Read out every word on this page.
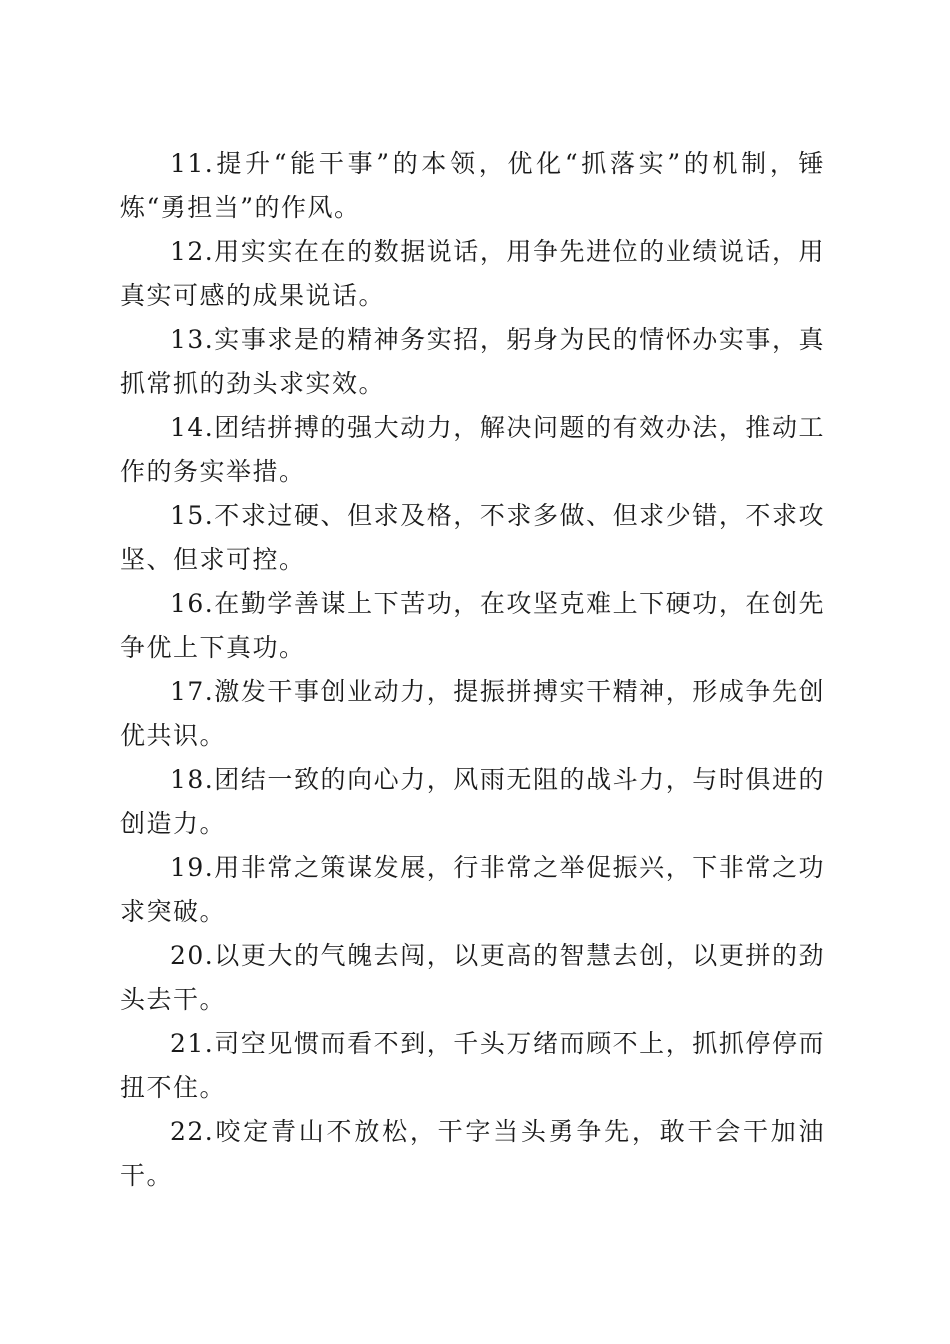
11.提升“能干事”的本领，优化“抓落实”的机制，锤炼“勇担当”的作风。

12.用实实在在的数据说话，用争先进位的业绩说话，用真实可感的成果说话。

13.实事求是的精神务实招，躬身为民的情怀办实事，真抓常抓的劲头求实效。

14.团结拼搏的强大动力，解决问题的有效办法，推动工作的务实举措。

15.不求过硬、但求及格，不求多做、但求少错，不求攻坚、但求可控。

16.在勤学善谋上下苦功，在攻坚克难上下硬功，在创先争优上下真功。

17.激发干事创业动力，提振拼搏实干精神，形成争先创优共识。

18.团结一致的向心力，风雨无阻的战斗力，与时俱进的创造力。

19.用非常之策谋发展，行非常之举促振兴，下非常之功求突破。

20.以更大的气魄去闯，以更高的智慧去创，以更拼的劲头去干。

21.司空见惯而看不到，千头万绪而顾不上，抓抓停停而扭不住。

22.咬定青山不放松，干字当头勇争先，敢干会干加油干。
